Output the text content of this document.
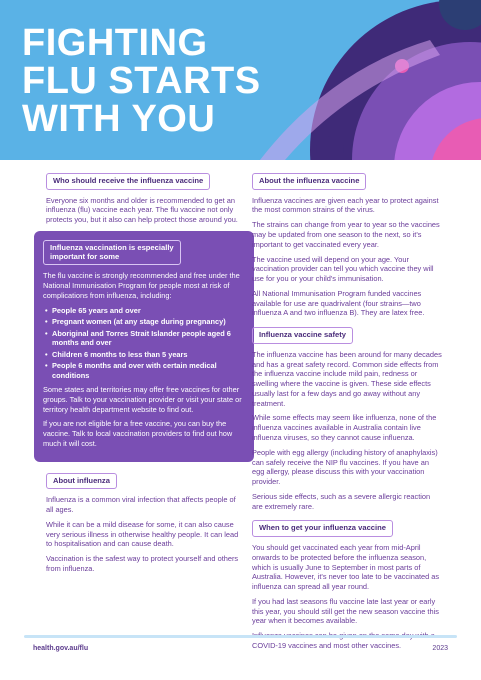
FIGHTING
FLU STARTS
WITH YOU
Who should receive the influenza vaccine

Everyone six months and older is recommended to get an influenza (flu) vaccine each year. The flu vaccine not only protects you, but it also can help protect those around you.

Influenza vaccination is especially important for some

The flu vaccine is strongly recommended and free under the National Immunisation Program for people most at risk of complications from influenza, including:

• People 65 years and over
• Pregnant women (at any stage during pregnancy)
• Aboriginal and Torres Strait Islander people aged 6 months and over
• Children 6 months to less than 5 years
• People 6 months and over with certain medical conditions

Some states and territories may offer free vaccines for other groups. Talk to your vaccination provider or visit your state or territory health department website to find out.

If you are not eligible for a free vaccine, you can buy the vaccine. Talk to local vaccination providers to find out how much it will cost.

About influenza

Influenza is a common viral infection that affects people of all ages.

While it can be a mild disease for some, it can also cause very serious illness in otherwise healthy people. It can lead to hospitalisation and can cause death.

Vaccination is the safest way to protect yourself and others from influenza.

About the influenza vaccine

Influenza vaccines are given each year to protect against the most common strains of the virus.

The strains can change from year to year so the vaccines may be updated from one season to the next, so it's important to get vaccinated every year.

The vaccine used will depend on your age. Your vaccination provider can tell you which vaccine they will use for you or your child's immunisation.

All National Immunisation Program funded vaccines available for use are quadrivalent (four strains—two influenza A and two influenza B). They are latex free.

Influenza vaccine safety

The influenza vaccine has been around for many decades and has a great safety record. Common side effects from the influenza vaccine include mild pain, redness or swelling where the vaccine is given. These side effects usually last for a few days and go away without any treatment.

While some effects may seem like influenza, none of the influenza vaccines available in Australia contain live influenza viruses, so they cannot cause influenza.

People with egg allergy (including history of anaphylaxis) can safely receive the NIP flu vaccines. If you have an egg allergy, please discuss this with your vaccination provider.

Serious side effects, such as a severe allergic reaction are extremely rare.

When to get your influenza vaccine

You should get vaccinated each year from mid-April onwards to be protected before the influenza season, which is usually June to September in most parts of Australia. However, it's never too late to be vaccinated as influenza can spread all year round.

If you had last seasons flu vaccine late last year or early this year, you should still get the new season vaccine this year when it becomes available.

COVID-19 vaccines and most other vaccines.

health.gov.au/flu	2023
